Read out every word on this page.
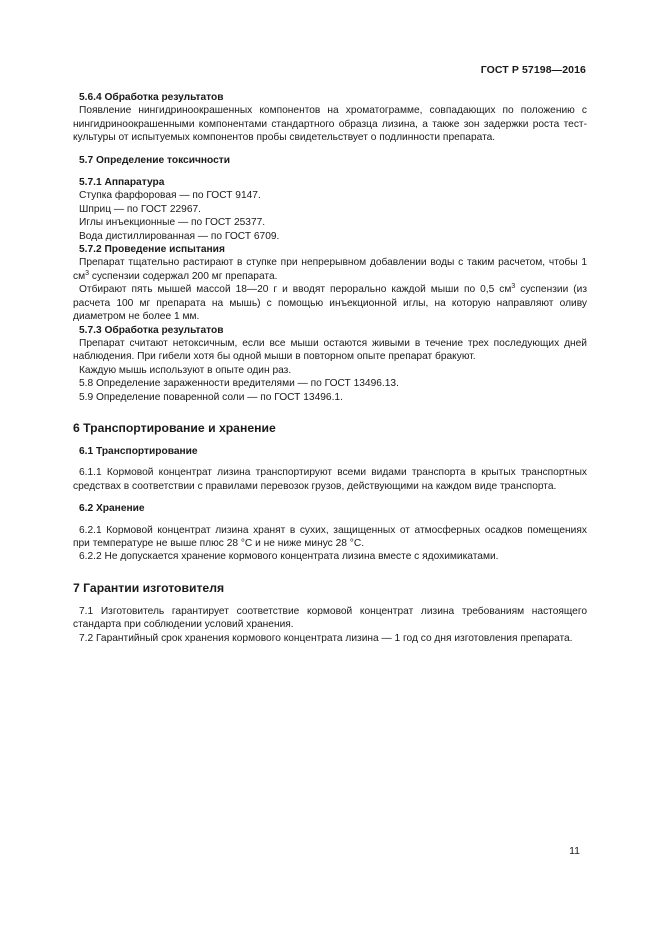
ГОСТ Р 57198—2016

5.6.4 Обработка результатов

Появление нингидриноокрашенных компонентов на хроматограмме, совпадающих по положению с нингидриноокрашенными компонентами стандартного образца лизина, а также зон задержки роста тест-культуры от испытуемых компонентов пробы свидетельствует о подлинности препарата.

5.7 Определение токсичности

5.7.1 Аппаратура

Ступка фарфоровая — по ГОСТ 9147.

Шприц — по ГОСТ 22967.

Иглы инъекционные — по ГОСТ 25377.

Вода дистиллированная — по ГОСТ 6709.

5.7.2 Проведение испытания

Препарат тщательно растирают в ступке при непрерывном добавлении воды с таким расчетом, чтобы 1 $см^3$ суспензии содержал 200 мг препарата.

Отбирают пять мышей массой 18—20 г и вводят перорально каждой мыши по 0,5 $см^3$ суспензии (из расчета 100 мг препарата на мышь) с помощью инъекционной иглы, на которую направляют оливу диаметром не более 1 мм.

5.7.3 Обработка результатов

Препарат считают нетоксичным, если все мыши остаются живыми в течение трех последующих дней наблюдения. При гибели хотя бы одной мыши в повторном опыте препарат бракуют.

Каждую мышь используют в опыте один раз.

5.8 Определение зараженности вредителями — по ГОСТ 13496.13.

5.9 Определение поваренной соли — по ГОСТ 13496.1.

6 Транспортирование и хранение

6.1 Транспортирование

6.1.1 Кормовой концентрат лизина транспортируют всеми видами транспорта в крытых транспортных средствах в соответствии с правилами перевозок грузов, действующими на каждом виде транспорта.

6.2 Хранение

6.2.1 Кормовой концентрат лизина хранят в сухих, защищенных от атмосферных осадков помещениях при температуре не выше плюс 28 °C и не ниже минус 28 °C.

6.2.2 Не допускается хранение кормового концентрата лизина вместе с ядохимикатами.

7 Гарантии изготовителя

7.1 Изготовитель гарантирует соответствие кормовой концентрат лизина требованиям настоящего стандарта при соблюдении условий хранения.

7.2 Гарантийный срок хранения кормового концентрата лизина — 1 год со дня изготовления препарата.

11
